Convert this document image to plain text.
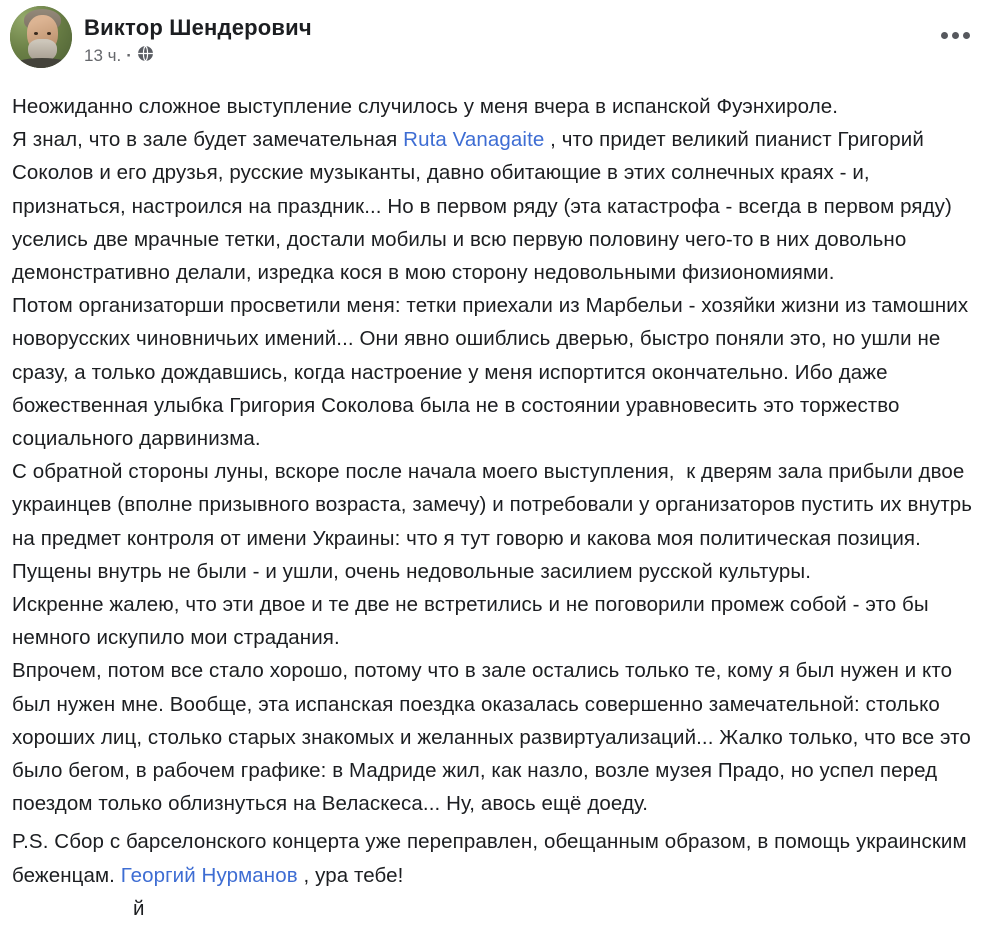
Виктор Шендерович
13 ч. ·
Неожиданно сложное выступление случилось у меня вчера в испанской Фуэнхироле.
Я знал, что в зале будет замечательная Ruta Vanagaite , что придет великий пианист Григорий Соколов и его друзья, русские музыканты, давно обитающие в этих солнечных краях - и, признаться, настроился на праздник... Но в первом ряду (эта катастрофа - всегда в первом ряду) уселись две мрачные тетки, достали мобилы и всю первую половину чего-то в них довольно демонстративно делали, изредка кося в мою сторону недовольными физиономиями.
Потом организаторши просветили меня: тетки приехали из Марбельи - хозяйки жизни из тамошних новорусских чиновничьих имений... Они явно ошиблись дверью, быстро поняли это, но ушли не сразу, а только дождавшись, когда настроение у меня испортится окончательно. Ибо даже божественная улыбка Григория Соколова была не в состоянии уравновесить это торжество социального дарвинизма.
С обратной стороны луны, вскоре после начала моего выступления,  к дверям зала прибыли двое украинцев (вполне призывного возраста, замечу) и потребовали у организаторов пустить их внутрь на предмет контроля от имени Украины: что я тут говорю и какова моя политическая позиция. Пущены внутрь не были - и ушли, очень недовольные засилием русской культуры.
Искренне жалею, что эти двое и те две не встретились и не поговорили промеж собой - это бы немного искупило мои страдания.
Впрочем, потом все стало хорошо, потому что в зале остались только те, кому я был нужен и кто был нужен мне. Вообще, эта испанская поездка оказалась совершенно замечательной: столько хороших лиц, столько старых знакомых и желанных развиртуализаций... Жалко только, что все это было бегом, в рабочем графике: в Мадриде жил, как назло, возле музея Прадо, но успел перед поездом только облизнуться на Веласкеса... Ну, авось ещё доеду.
P.S. Сбор с барселонского концерта уже переправлен, обещанным образом, в помощь украинским беженцам. Георгий Нурманов , ура тебе!
й
